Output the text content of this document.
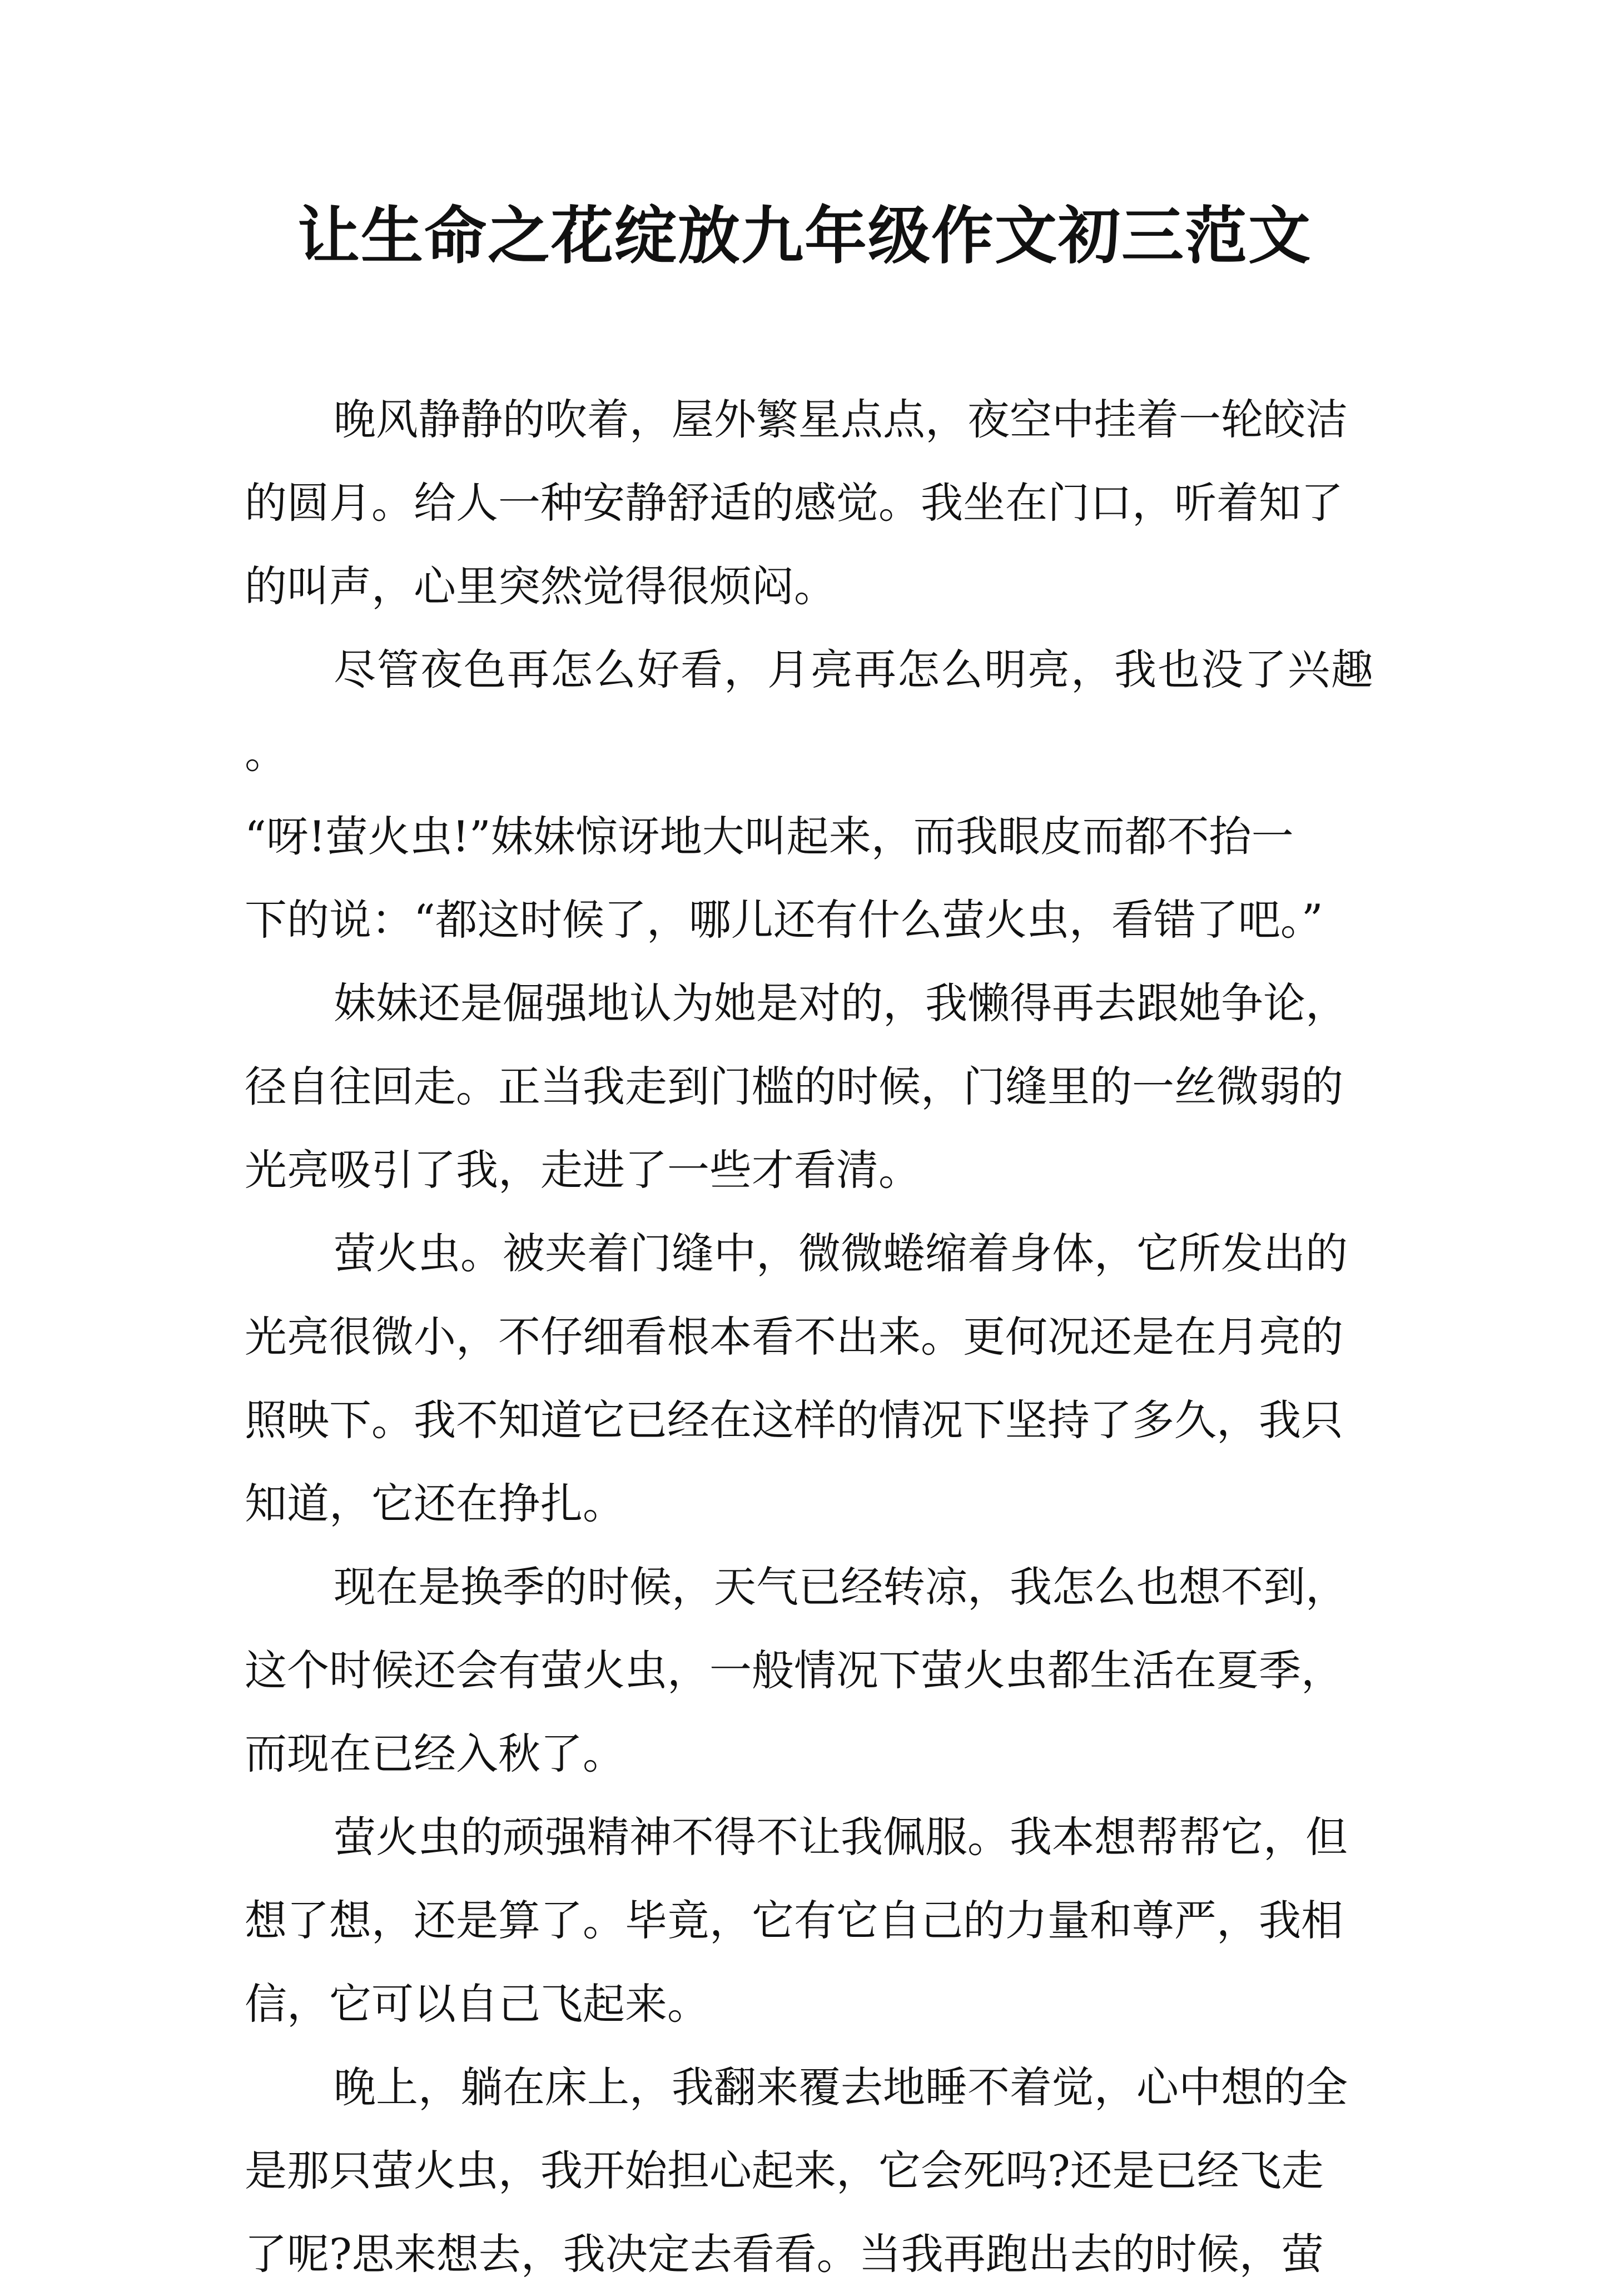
让生命之花绽放九年级作文初三范文

晚风静静的吹着，屋外繁星点点，夜空中挂着一轮皎洁
的圆月。给人一种安静舒适的感觉。我坐在门口，听着知了
的叫声，心里突然觉得很烦闷。

尽管夜色再怎么好看，月亮再怎么明亮，我也没了兴趣。
“呀!萤火虫!”妹妹惊讶地大叫起来，而我眼皮而都不抬一
下的说：“都这时候了，哪儿还有什么萤火虫，看错了吧。”

妹妹还是倔强地认为她是对的，我懒得再去跟她争论，
径自往回走。正当我走到门槛的时候，门缝里的一丝微弱的
光亮吸引了我，走进了一些才看清。

萤火虫。被夹着门缝中，微微蜷缩着身体，它所发出的
光亮很微小，不仔细看根本看不出来。更何况还是在月亮的
照映下。我不知道它已经在这样的情况下坚持了多久，我只
知道，它还在挣扎。

现在是换季的时候，天气已经转凉，我怎么也想不到，
这个时候还会有萤火虫，一般情况下萤火虫都生活在夏季，
而现在已经入秋了。

萤火虫的顽强精神不得不让我佩服。我本想帮帮它，但
想了想，还是算了。毕竟，它有它自己的力量和尊严，我相
信，它可以自己飞起来。

晚上，躺在床上，我翻来覆去地睡不着觉，心中想的全
是那只萤火虫，我开始担心起来，它会死吗?还是已经飞走
了呢?思来想去，我决定去看看。当我再跑出去的时候，萤
